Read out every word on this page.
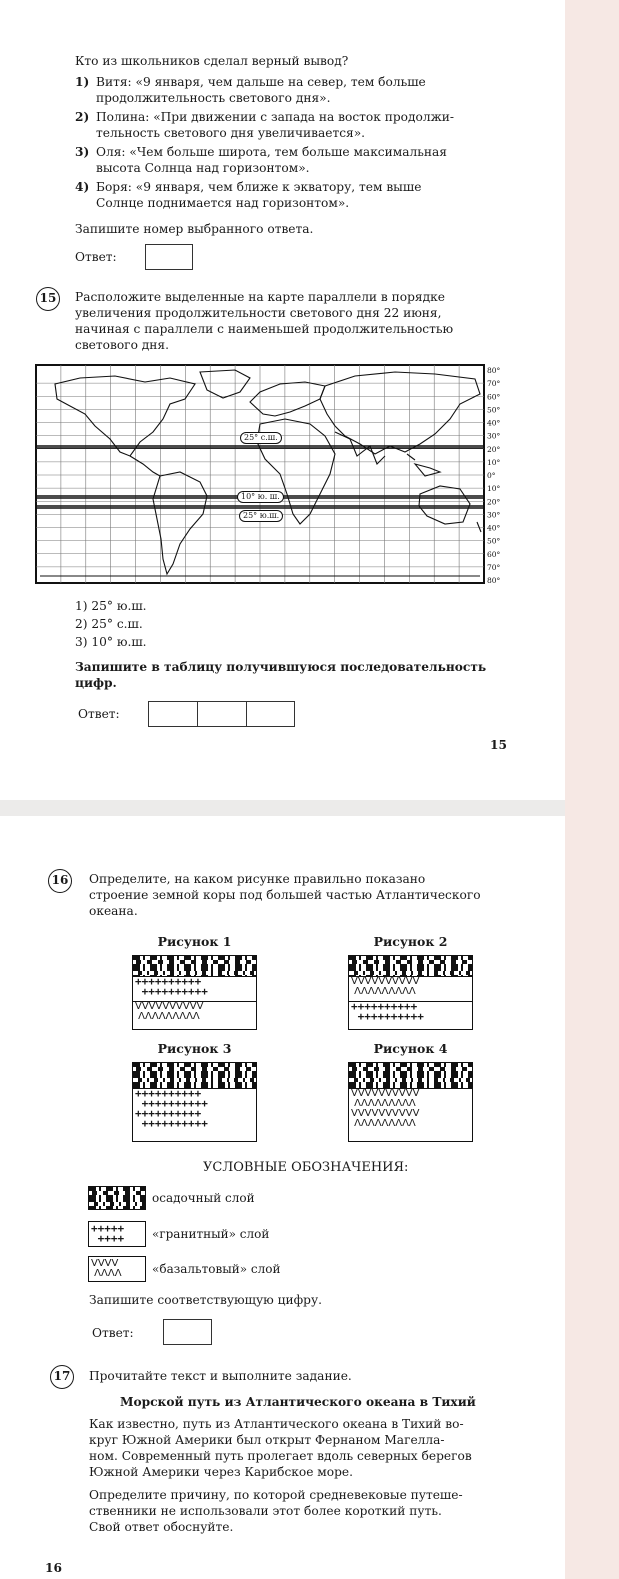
Кто из школьников сделал верный вывод?
1) Витя: «9 января, чем дальше на север, тем больше
продолжительность светового дня».
2) Полина: «При движении с запада на восток продолжи-
тельность светового дня увеличивается».
3) Оля: «Чем больше широта, тем больше максимальная
высота Солнца над горизонтом».
4) Боря: «9 января, чем ближе к экватору, тем выше
Солнце поднимается над горизонтом».
Запишите номер выбранного ответа.
Ответ:
15 Расположите выделенные на карте параллели в порядке
увеличения продолжительности светового дня 22 июня,
начиная с параллели с наименьшей продолжительностью
светового дня.
80°
70°
60°
50°
40°
30°
20°
10°
0°
10°
20°
30°
40°
50°
60°
70°
80°
25° с.ш.
10° ю. ш.
25° ю.ш.
1) 25° ю.ш.
2) 25° с.ш.
3) 10° ю.ш.
Запишите в таблицу получившуюся последовательность
цифр.
Ответ:
15
16 Определите, на каком рисунке правильно показано
строение земной коры под большей частью Атлантического
океана.
Рисунок 1
++++++++++
++++++++++
VVVVVVVVVV
ΛΛΛΛΛΛΛΛΛ
Рисунок 2
VVVVVVVVVV
ΛΛΛΛΛΛΛΛΛ
++++++++++
++++++++++
Рисунок 3
++++++++++
++++++++++
++++++++++
++++++++++
Рисунок 4
VVVVVVVVVV
ΛΛΛΛΛΛΛΛΛ
VVVVVVVVVV
ΛΛΛΛΛΛΛΛΛ
УСЛОВНЫЕ ОБОЗНАЧЕНИЯ:
осадочный слой
+++++
++++	«гранитный» слой
VVVV
ΛΛΛΛ	«базальтовый» слой
Запишите соответствующую цифру.
Ответ:
17 Прочитайте текст и выполните задание.
Морской путь из Атлантического океана в Тихий
Как известно, путь из Атлантического океана в Тихий во-
круг Южной Америки был открыт Фернаном Магелла-
ном. Современный путь пролегает вдоль северных берегов
Южной Америки через Карибское море.
Определите причину, по которой средневековые путеше-
ственники не использовали этот более короткий путь.
Свой ответ обоснуйте.
16
